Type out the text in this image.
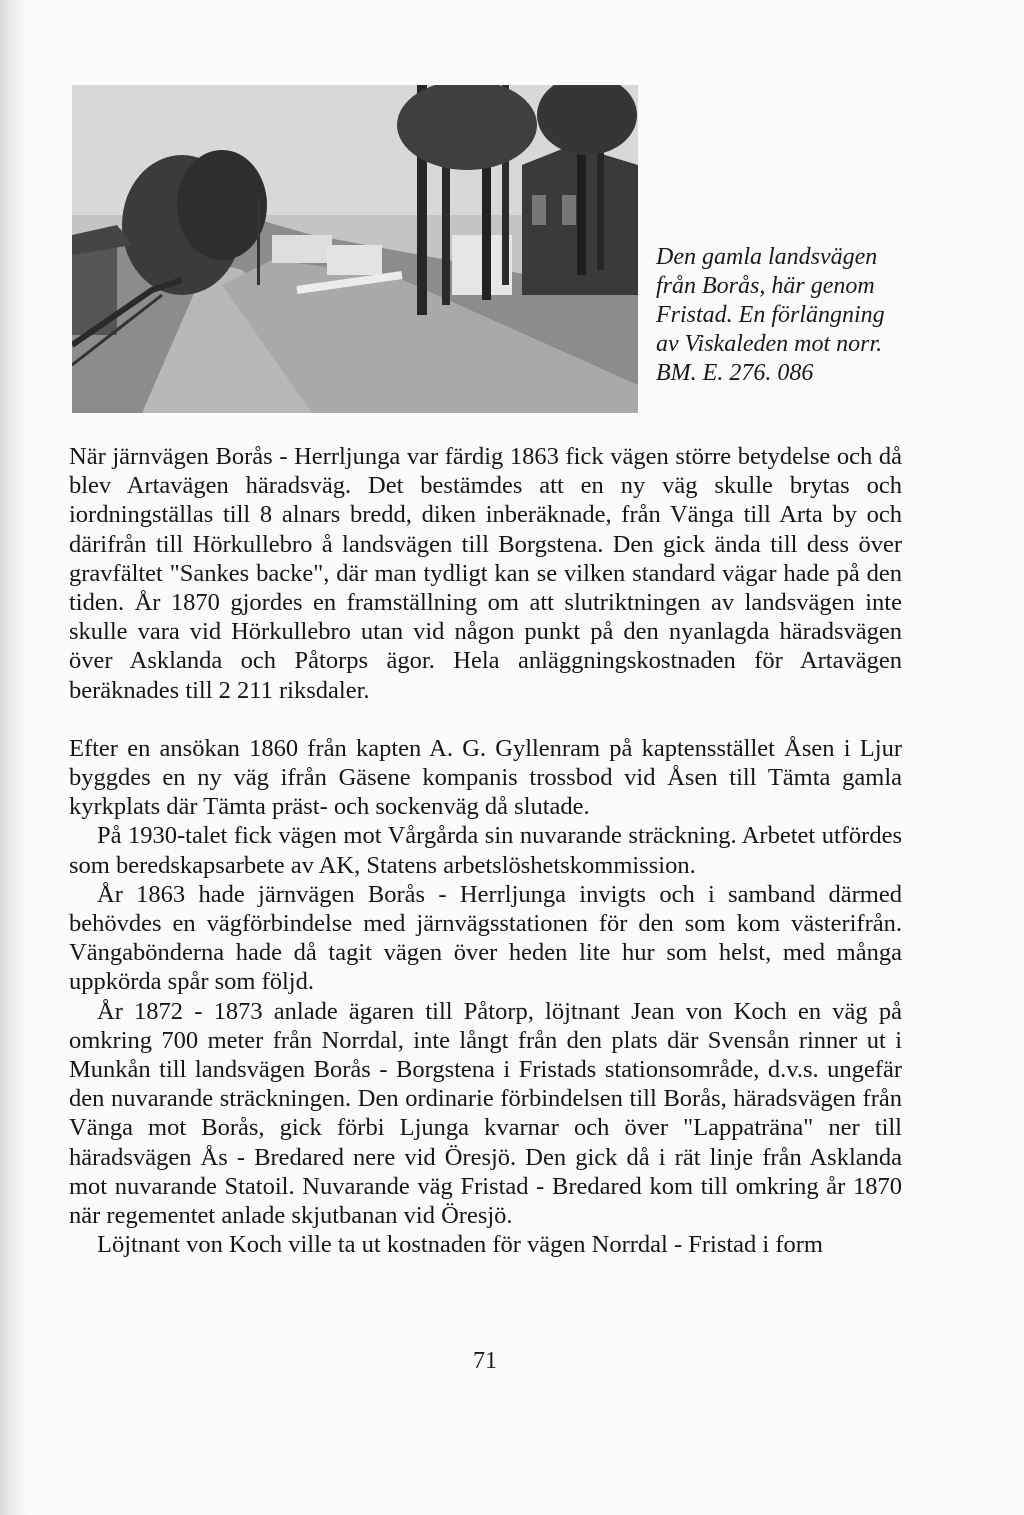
Den gamla landsvägen
från Borås, här genom
Fristad. En förlängning
av Viskaleden mot norr.
BM. E. 276. 086

När järnvägen Borås - Herrljunga var färdig 1863 fick vägen större betydelse och då blev Artavägen häradsväg. Det bestämdes att en ny väg skulle brytas och iordningställas till 8 alnars bredd, diken inberäknade, från Vänga till Arta by och därifrån till Hörkullebro å landsvägen till Borgstena. Den gick ända till dess över gravfältet "Sankes backe", där man tydligt kan se vilken standard vägar hade på den tiden. År 1870 gjordes en framställning om att slutriktningen av landsvägen inte skulle vara vid Hörkullebro utan vid någon punkt på den nyanlagda häradsvägen över Asklanda och Påtorps ägor. Hela anläggningskostnaden för Artavägen beräknades till 2 211 riksdaler.

Efter en ansökan 1860 från kapten A. G. Gyllenram på kaptensstället Åsen i Ljur byggdes en ny väg ifrån Gäsene kompanis trossbod vid Åsen till Tämta gamla kyrkplats där Tämta präst- och sockenväg då slutade.

På 1930-talet fick vägen mot Vårgårda sin nuvarande sträckning. Arbetet utfördes som beredskapsarbete av AK, Statens arbetslöshetskommission.

År 1863 hade järnvägen Borås - Herrljunga invigts och i samband därmed behövdes en vägförbindelse med järnvägsstationen för den som kom västerifrån. Vängabönderna hade då tagit vägen över heden lite hur som helst, med många uppkörda spår som följd.

År 1872 - 1873 anlade ägaren till Påtorp, löjtnant Jean von Koch en väg på omkring 700 meter från Norrdal, inte långt från den plats där Svensån rinner ut i Munkån till landsvägen Borås - Borgstena i Fristads stationsområde, d.v.s. ungefär den nuvarande sträckningen. Den ordinarie förbindelsen till Borås, häradsvägen från Vänga mot Borås, gick förbi Ljunga kvarnar och över "Lappaträna" ner till häradsvägen Ås - Bredared nere vid Öresjö. Den gick då i rät linje från Asklanda mot nuvarande Statoil. Nuvarande väg Fristad - Bredared kom till omkring år 1870 när regementet anlade skjutbanan vid Öresjö.

Löjtnant von Koch ville ta ut kostnaden för vägen Norrdal - Fristad i form

71
